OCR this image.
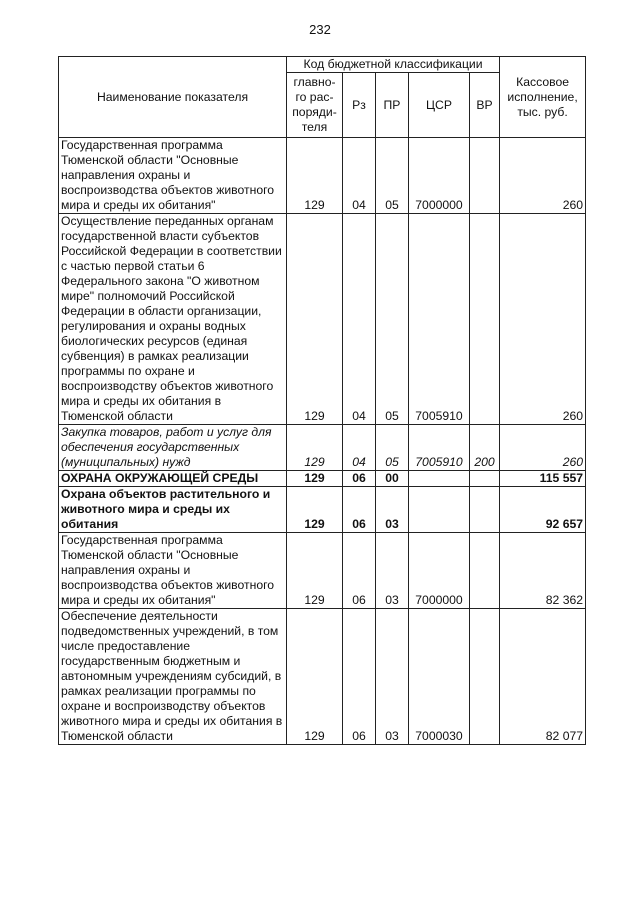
232
Наименование показателя	Код бюджетной классификации					Кассовое исполнение, тыс. руб.
	главно- го рас- поряди- теля	Рз	ПР	ЦСР	ВР	
Государственная программа Тюменской области "Основные направления охраны и воспроизводства объектов животного мира и среды их обитания"	129	04	05	7000000		260
Осуществление переданных органам государственной власти субъектов Российской Федерации в соответствии с частью первой статьи 6 Федерального закона "О животном мире" полномочий Российской Федерации в области организации, регулирования и охраны водных биологических ресурсов (единая субвенция) в рамках реализации программы по охране и воспроизводству объектов животного мира и среды их обитания в Тюменской области	129	04	05	7005910		260
Закупка товаров, работ и услуг для обеспечения государственных (муниципальных) нужд	129	04	05	7005910	200	260
ОХРАНА ОКРУЖАЮЩЕЙ СРЕДЫ	129	06	00			115 557
Охрана объектов растительного и животного мира и среды их обитания	129	06	03			92 657
Государственная программа Тюменской области "Основные направления охраны и воспроизводства объектов животного мира и среды их обитания"	129	06	03	7000000		82 362
Обеспечение деятельности подведомственных учреждений, в том числе предоставление государственным бюджетным и автономным учреждениям субсидий, в рамках реализации программы по охране и воспроизводству объектов животного мира и среды их обитания в Тюменской области	129	06	03	7000030		82 077
